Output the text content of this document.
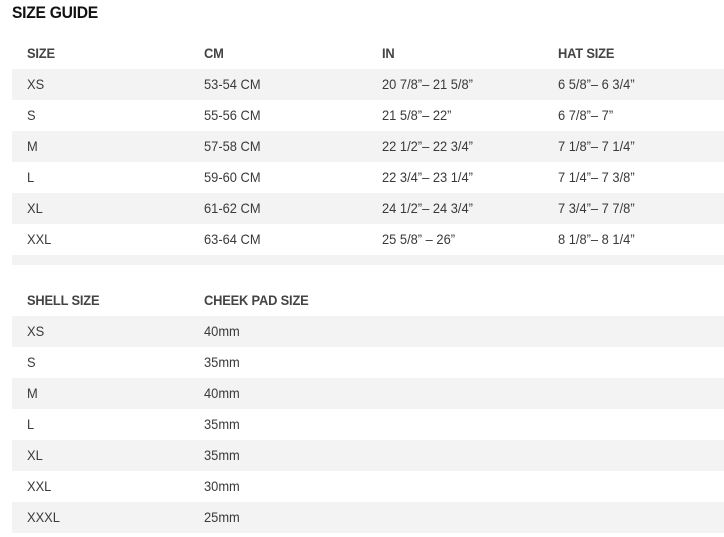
SIZE GUIDE
SIZE	CM	IN	HAT SIZE
XS	53-54 CM	20 7/8”– 21 5/8”	6 5/8”– 6 3/4”
S	55-56 CM	21 5/8”– 22”	6 7/8”– 7”
M	57-58 CM	22 1/2”– 22 3/4”	7 1/8”– 7 1/4”
L	59-60 CM	22 3/4”– 23 1/4”	7 1/4”– 7 3/8”
XL	61-62 CM	24 1/2”– 24 3/4”	7 3/4”– 7 7/8”
XXL	63-64 CM	25 5/8” – 26”	8 1/8”– 8 1/4”
SHELL SIZE	CHEEK PAD SIZE
XS	40mm
S	35mm
M	40mm
L	35mm
XL	35mm
XXL	30mm
XXXL	25mm
